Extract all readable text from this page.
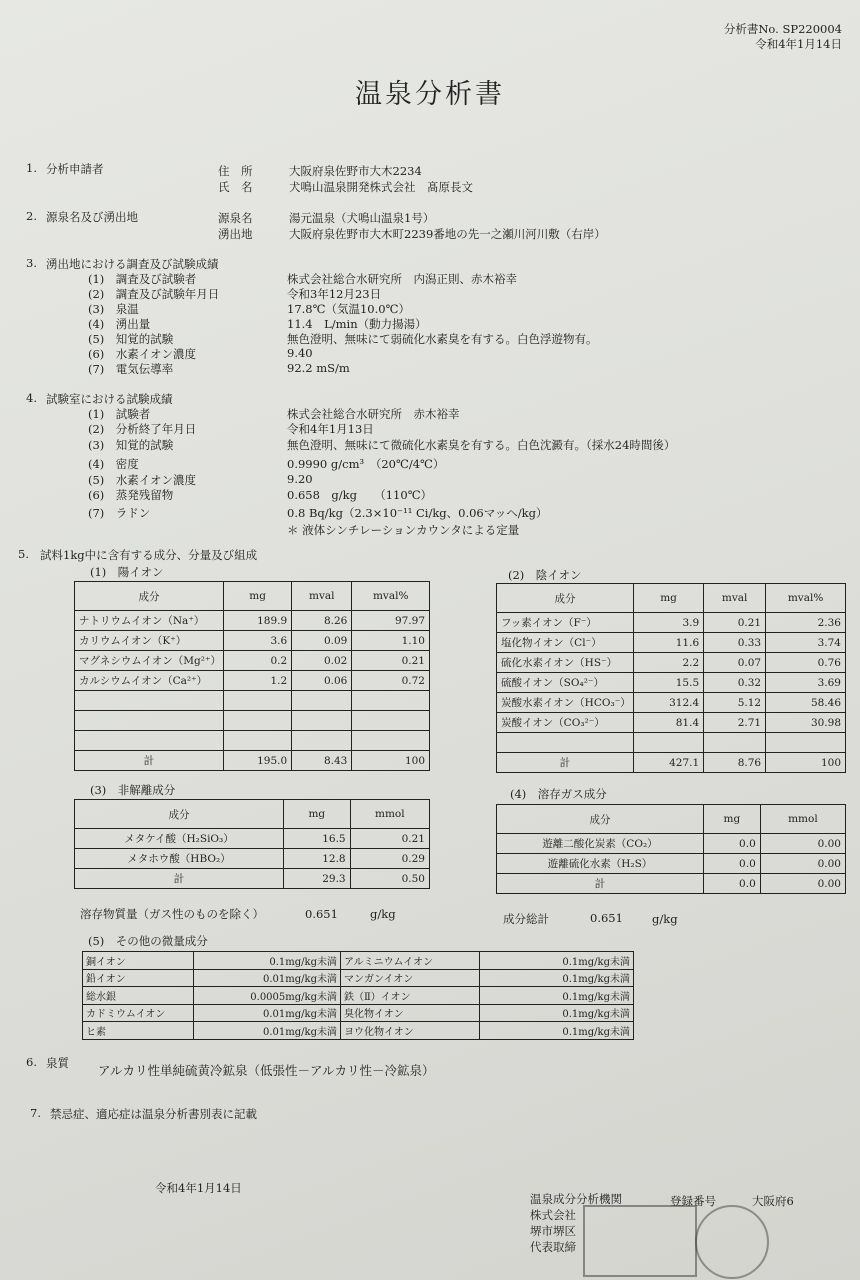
分析書No. SP220004
令和4年1月14日
温泉分析書
1. 分析申請者	住　所	大阪府泉佐野市大木2234
氏　名	犬鳴山温泉開発株式会社　髙原長文
2. 源泉名及び湧出地	源泉名	湯元温泉（犬鳴山温泉1号）
湧出地	大阪府泉佐野市大木町2239番地の先一之瀬川河川敷（右岸）
3. 湧出地における調査及び試験成績
(1)　調査及び試験者	株式会社総合水研究所　内潟正則、赤木裕幸
(2)　調査及び試験年月日	令和3年12月23日
(3)　泉温	17.8℃（気温10.0℃）
(4)　湧出量	11.4　L/min（動力揚湯）
(5)　知覚的試験	無色澄明、無味にて弱硫化水素臭を有する。白色浮遊物有。
(6)　水素イオン濃度	9.40
(7)　電気伝導率	92.2 mS/m
4. 試験室における試験成績
(1)　試験者	株式会社総合水研究所　赤木裕幸
(2)　分析終了年月日	令和4年1月13日
(3)　知覚的試験	無色澄明、無味にて微硫化水素臭を有する。白色沈澱有。（採水24時間後）
(4)　密度	0.9990 g/cm³　（20℃/4℃）
(5)　水素イオン濃度	9.20
(6)　蒸発残留物	0.658　g/kg　　（110℃）
(7)　ラドン	0.8 Bq/kg（2.3×10⁻¹¹ Ci/kg、0.06マッヘ/kg）
＊ 液体シンチレーションカウンタによる定量
5. 試料1kg中に含有する成分、分量及び組成
(1)　陽イオン
成分	mg	mval	mval%
ナトリウムイオン（Na⁺）	189.9	8.26	97.97
カリウムイオン（K⁺）	3.6	0.09	1.10
マグネシウムイオン（Mg²⁺）	0.2	0.02	0.21
カルシウムイオン（Ca²⁺）	1.2	0.06	0.72

計	195.0	8.43	100
(2)　陰イオン
成分	mg	mval	mval%
フッ素イオン（F⁻）	3.9	0.21	2.36
塩化物イオン（Cl⁻）	11.6	0.33	3.74
硫化水素イオン（HS⁻）	2.2	0.07	0.76
硫酸イオン（SO₄²⁻）	15.5	0.32	3.69
炭酸水素イオン（HCO₃⁻）	312.4	5.12	58.46
炭酸イオン（CO₃²⁻）	81.4	2.71	30.98

計	427.1	8.76	100
(3)　非解離成分
成分	mg	mmol
メタケイ酸（H₂SiO₃）	16.5	0.21
メタホウ酸（HBO₂）	12.8	0.29
計	29.3	0.50
(4)　溶存ガス成分
成分	mg	mmol
遊離二酸化炭素（CO₂）	0.0	0.00
遊離硫化水素（H₂S）	0.0	0.00
計	0.0	0.00
溶存物質量（ガス性のものを除く）	0.651	g/kg	成分総計	0.651	g/kg
(5)　その他の微量成分
銅イオン	0.1mg/kg未満	アルミニウムイオン	0.1mg/kg未満
鉛イオン	0.01mg/kg未満	マンガンイオン	0.1mg/kg未満
総水銀	0.0005mg/kg未満	鉄（Ⅱ）イオン	0.1mg/kg未満
カドミウムイオン	0.01mg/kg未満	臭化物イオン	0.1mg/kg未満
ヒ素	0.01mg/kg未満	ヨウ化物イオン	0.1mg/kg未満
6. 泉質 アルカリ性単純硫黄冷鉱泉（低張性－アルカリ性－冷鉱泉）
7. 禁忌症、適応症は温泉分析書別表に記載
令和4年1月14日
温泉成分分析機関	登録番号	大阪府6
株式会社
堺市堺区
代表取締
